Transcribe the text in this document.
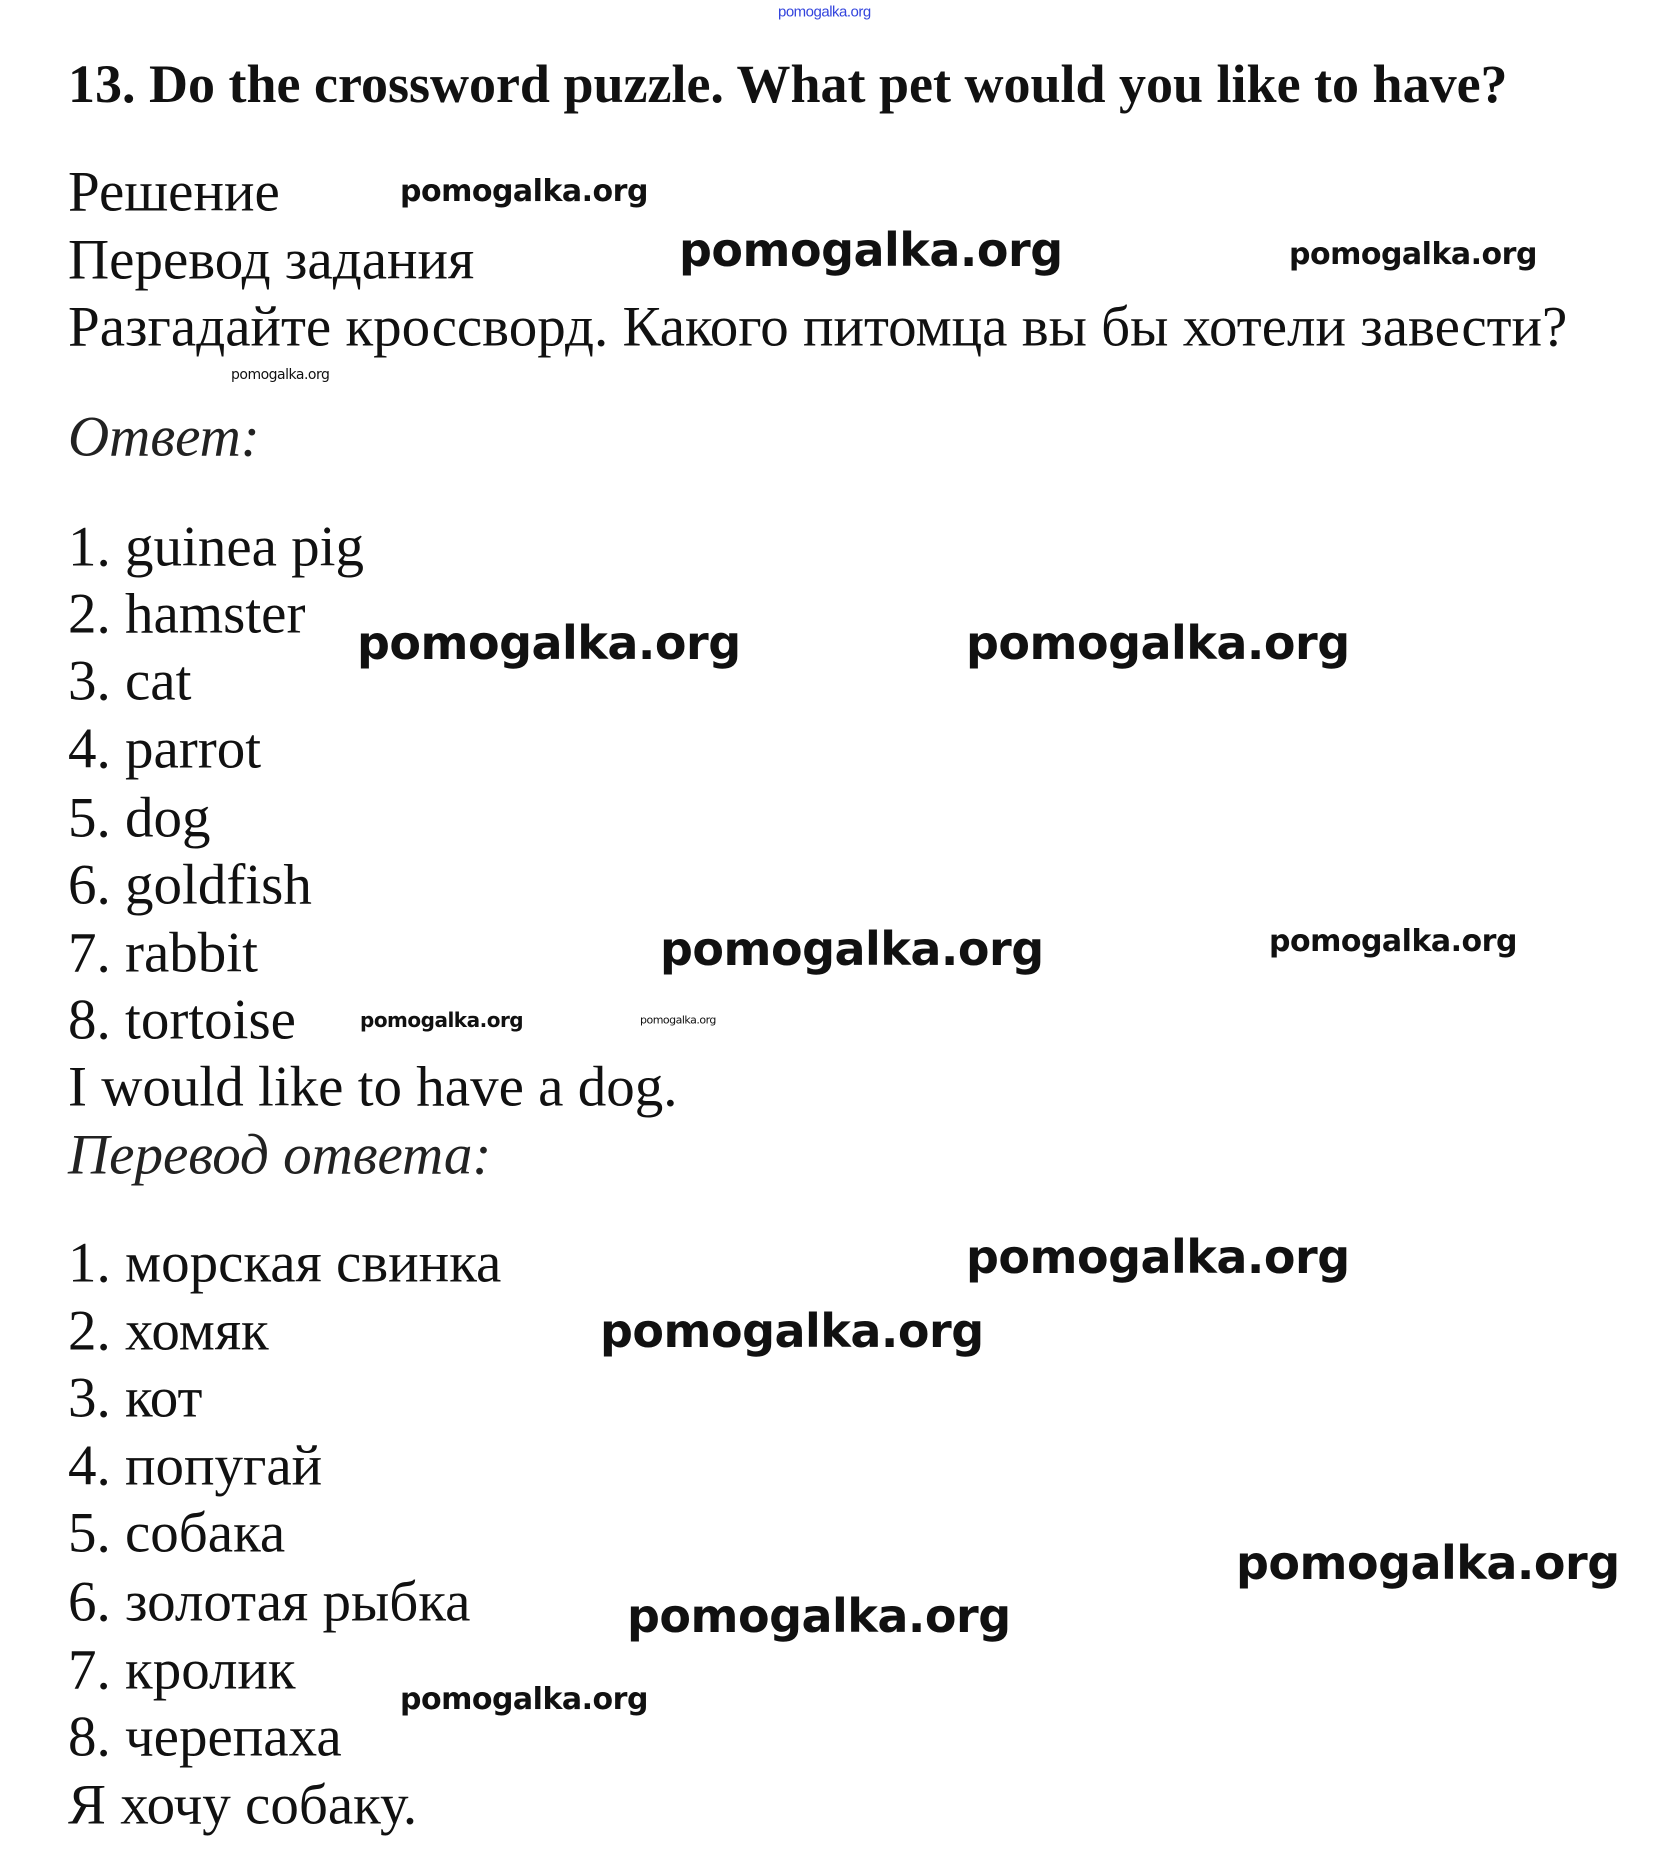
pomogalka.org
13. Do the crossword puzzle. What pet would you like to have?
Решение
Перевод задания
Разгадайте кроссворд. Какого питомца вы бы хотели завести?
Ответ:
1. guinea pig
2. hamster
3. cat
4. parrot
5. dog
6. goldfish
7. rabbit
8. tortoise
I would like to have a dog.
Перевод ответа:
1. морская свинка
2. хомяк
3. кот
4. попугай
5. собака
6. золотая рыбка
7. кролик
8. черепаха
Я хочу собаку.
pomogalka.org
pomogalka.org	pomogalka.org
pomogalka.org
pomogalka.org	pomogalka.org
pomogalka.org	pomogalka.org
pomogalka.org
pomogalka.org
pomogalka.org
pomogalka.org
pomogalka.org
pomogalka.org
pomogalka.org
